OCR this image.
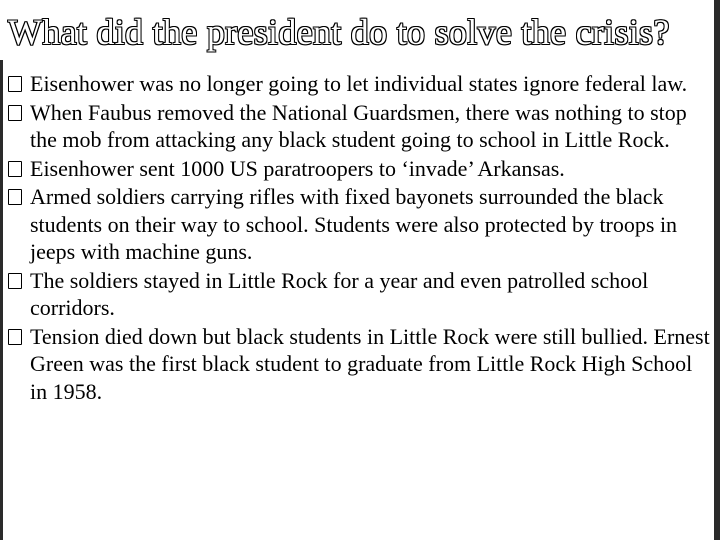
What did the president do to solve the crisis?
Eisenhower was no longer going to let individual states ignore federal law.
When Faubus removed the National Guardsmen, there was nothing to stop the mob from attacking any black student going to school in Little Rock.
Eisenhower sent 1000 US paratroopers to ‘invade’ Arkansas.
Armed soldiers carrying rifles with fixed bayonets surrounded the black students on their way to school. Students were also protected by troops in jeeps with machine guns.
The soldiers stayed in Little Rock for a year and even patrolled school corridors.
Tension died down but black students in Little Rock were still bullied. Ernest Green was the first black student to graduate from Little Rock High School in 1958.
